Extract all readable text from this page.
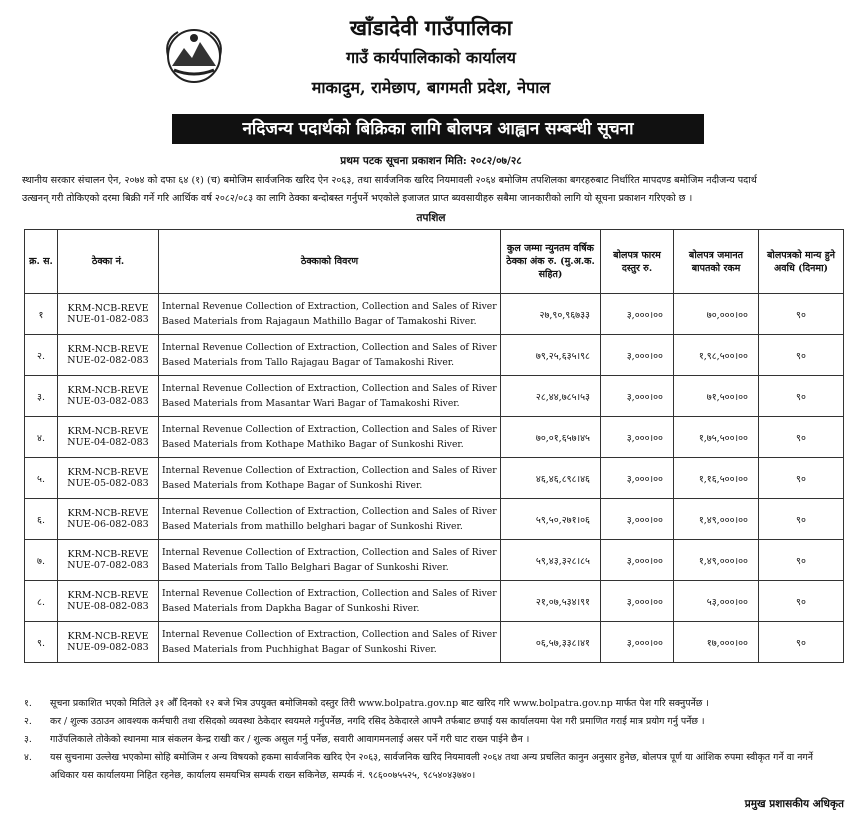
खाँडादेवी गाउँपालिका
गाउँ कार्यपालिकाको कार्यालय
माकादुम, रामेछाप, बागमती प्रदेश, नेपाल
नदिजन्य पदार्थको बिक्रिका लागि बोलपत्र आह्वान सम्बन्धी सूचना
प्रथम पटक सूचना प्रकाशन मिति: २०८२/०७/२८
स्थानीय सरकार संचालन ऐन, २०७४ को दफा ६४ (१) (च) बमोजिम सार्वजनिक खरिद ऐन २०६३, तथा सार्वजनिक खरिद नियमावली २०६४ बमोजिम तपशिलका बगरहरुबाट निर्धारित मापदण्ड बमोजिम नदीजन्य पदार्थ
उत्खनन् गरी तोकिएको दरमा बिक्री गर्ने गरि आर्थिक वर्ष २०८२/०८३ का लागि ठेक्का बन्दोबस्त गर्नुपर्ने भएकोले इजाजत प्राप्त ब्यवसायीहरु सबैमा जानकारीको लागि यो सूचना प्रकाशन गरिएको छ ।
तपशिल
क्र. स.	ठेक्का नं.	ठेक्काको विवरण	कुल जम्मा न्युनतम वर्षिक ठेक्का अंक रु. (मु.अ.क. सहित)	बोलपत्र फारम दस्तुर रु.	बोलपत्र जमानत बापतको रकम	बोलपत्रको मान्य हुने अवधि (दिनमा)
१	KRM-NCB-REVE NUE-01-082-083	Internal Revenue Collection of Extraction, Collection and Sales of River Based Materials from Rajagaun Mathillo Bagar of Tamakoshi River.	२७,९०,९६७३३	३,०००।००	७०,०००।००	९०
२.	KRM-NCB-REVE NUE-02-082-083	Internal Revenue Collection of Extraction, Collection and Sales of River Based Materials from Tallo Rajagau Bagar of Tamakoshi River.	७९,२५,६३५।९८	३,०००।००	१,९८,५००।००	९०
३.	KRM-NCB-REVE NUE-03-082-083	Internal Revenue Collection of Extraction, Collection and Sales of River Based Materials from Masantar Wari Bagar of Tamakoshi River.	२८,४४,७८५।५३	३,०००।००	७१,५००।००	९०
४.	KRM-NCB-REVE NUE-04-082-083	Internal Revenue Collection of Extraction, Collection and Sales of River Based Materials from Kothape Mathiko Bagar of Sunkoshi River.	७०,०१,६५७।४५	३,०००।००	१,७५,५००।००	९०
५.	KRM-NCB-REVE NUE-05-082-083	Internal Revenue Collection of Extraction, Collection and Sales of River Based Materials from Kothape Bagar of Sunkoshi River.	४६,४६,८९८।४६	३,०००।००	१,१६,५००।००	९०
६.	KRM-NCB-REVE NUE-06-082-083	Internal Revenue Collection of Extraction, Collection and Sales of River Based Materials from mathillo belghari bagar of Sunkoshi River.	५९,५०,२७१।०६	३,०००।००	१,४९,०००।००	९०
७.	KRM-NCB-REVE NUE-07-082-083	Internal Revenue Collection of Extraction, Collection and Sales of River Based Materials from Tallo Belghari Bagar of Sunkoshi River.	५९,४३,३२८।८५	३,०००।००	१,४९,०००।००	९०
८.	KRM-NCB-REVE NUE-08-082-083	Internal Revenue Collection of Extraction, Collection and Sales of River Based Materials from Dapkha Bagar of Sunkoshi River.	२१,०७,५३४।९१	३,०००।००	५३,०००।००	९०
९.	KRM-NCB-REVE NUE-09-082-083	Internal Revenue Collection of Extraction, Collection and Sales of River Based Materials from Puchhighat Bagar of Sunkoshi River.	०६,५७,३३८।४१	३,०००।००	१७,०००।००	९०
१.	सूचना प्रकाशित भएको मितिले ३१ औँ दिनको १२ बजे भित्र उपयुक्त बमोजिमको दस्तुर तिरी www.bolpatra.gov.np बाट खरिद गरि www.bolpatra.gov.np मार्फत पेश गरि सक्नुपर्नेछ ।
२.	कर / शुल्क उठाउन आवश्यक कर्मचारी तथा रसिदको व्यवस्था ठेकेदार स्वयमले गर्नुपर्नेछ, नगदि रसिद ठेकेदारले आफ्नै तर्फबाट छपाई यस कार्यालयमा पेश गरी प्रमाणित गराई मात्र प्रयोग गर्नु पर्नेछ ।
३.	गाउँपलिकाले तोकेको स्थानमा मात्र संकलन केन्द्र राखी कर / शुल्क असुल गर्नु पर्नेछ, सवारी आवागमनलाई असर पर्ने गरी घाट राख्न पाईने छैन ।
४.	यस सुचनामा उल्लेख भएकोमा सोहि बमोजिम र अन्य विषयको हकमा सार्वजनिक खरिद ऐन २०६३, सार्वजनिक खरिद नियमावली २०६४ तथा अन्य प्रचलित कानुन अनुसार हुनेछ, बोलपत्र पूर्ण या आंशिक रुपमा स्वीकृत गर्ने वा नगर्ने अधिकार यस कार्यालयमा निहित रहनेछ, कार्यालय समयभित्र सम्पर्क राख्न सकिनेछ, सम्पर्क नं. ९८६००७५५२५, ९८५४०४३७४०।
प्रमुख प्रशासकीय अधिकृत
